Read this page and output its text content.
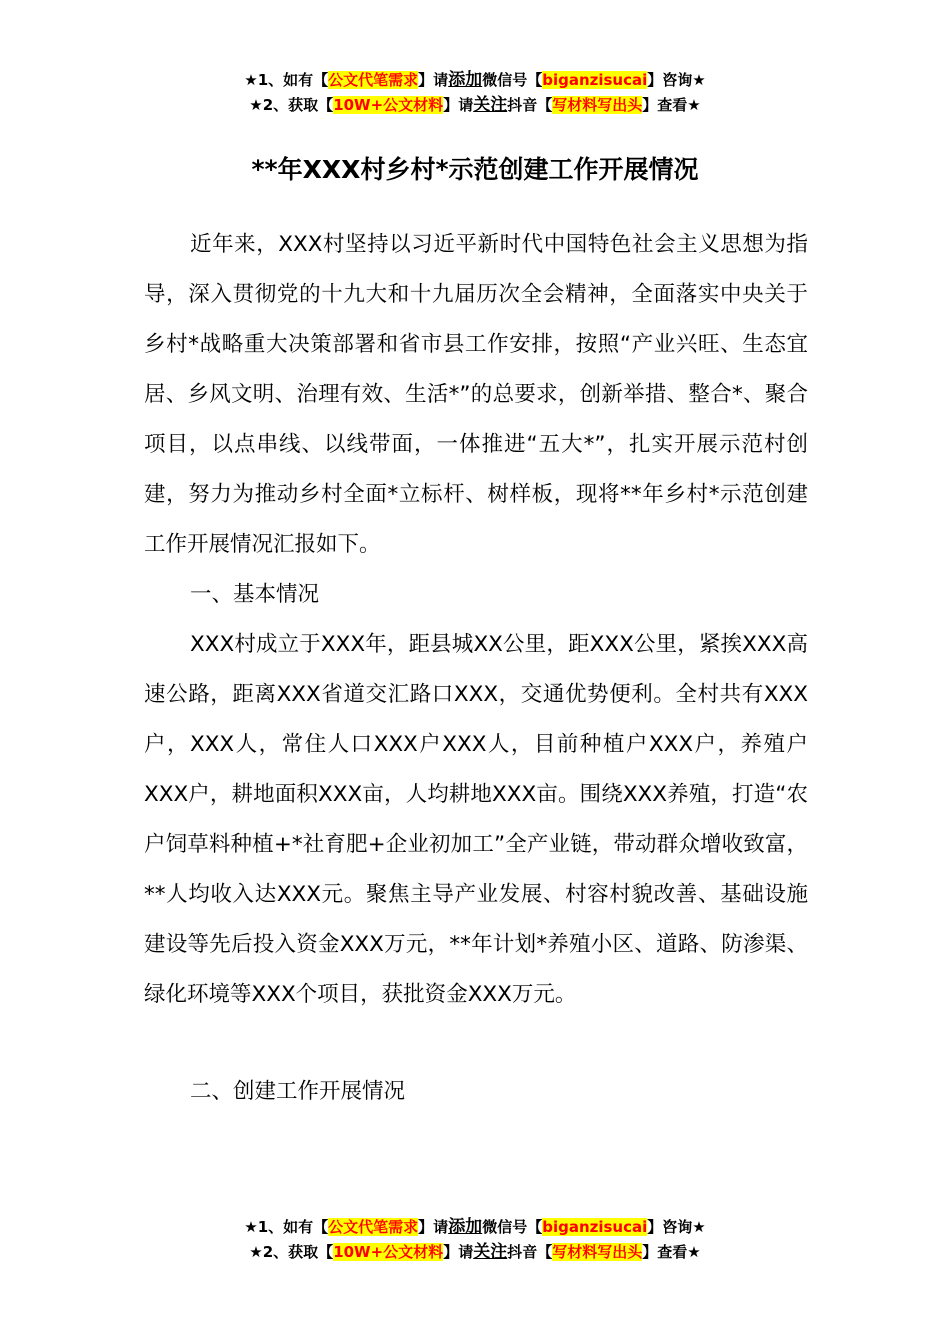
★1、如有【公文代笔需求】请添加微信号【biganzisucai】咨询★
★2、获取【10W+公文材料】请关注抖音【写材料写出头】查看★
**年XXX村乡村*示范创建工作开展情况

近年来，XXX村坚持以习近平新时代中国特色社会主义思想为指导，深入贯彻党的十九大和十九届历次全会精神，全面落实中央关于乡村*战略重大决策部署和省市县工作安排，按照“产业兴旺、生态宜居、乡风文明、治理有效、生活*”的总要求，创新举措、整合*、聚合项目，以点串线、以线带面，一体推进“五大*”，扎实开展示范村创建，努力为推动乡村全面*立标杆、树样板，现将**年乡村*示范创建工作开展情况汇报如下。

一、基本情况

XXX村成立于XXX年，距县城XX公里，距XXX公里，紧挨XXX高速公路，距离XXX省道交汇路口XXX，交通优势便利。全村共有XXX户，XXX人，常住人口XXX户XXX人，目前种植户XXX户，养殖户XXX户，耕地面积XXX亩，人均耕地XXX亩。围绕XXX养殖，打造“农户饲草料种植+*社育肥+企业初加工”全产业链，带动群众增收致富，**人均收入达XXX元。聚焦主导产业发展、村容村貌改善、基础设施建设等先后投入资金XXX万元，**年计划*养殖小区、道路、防渗渠、绿化环境等XXX个项目，获批资金XXX万元。

二、创建工作开展情况

★1、如有【公文代笔需求】请添加微信号【biganzisucai】咨询★
★2、获取【10W+公文材料】请关注抖音【写材料写出头】查看★
